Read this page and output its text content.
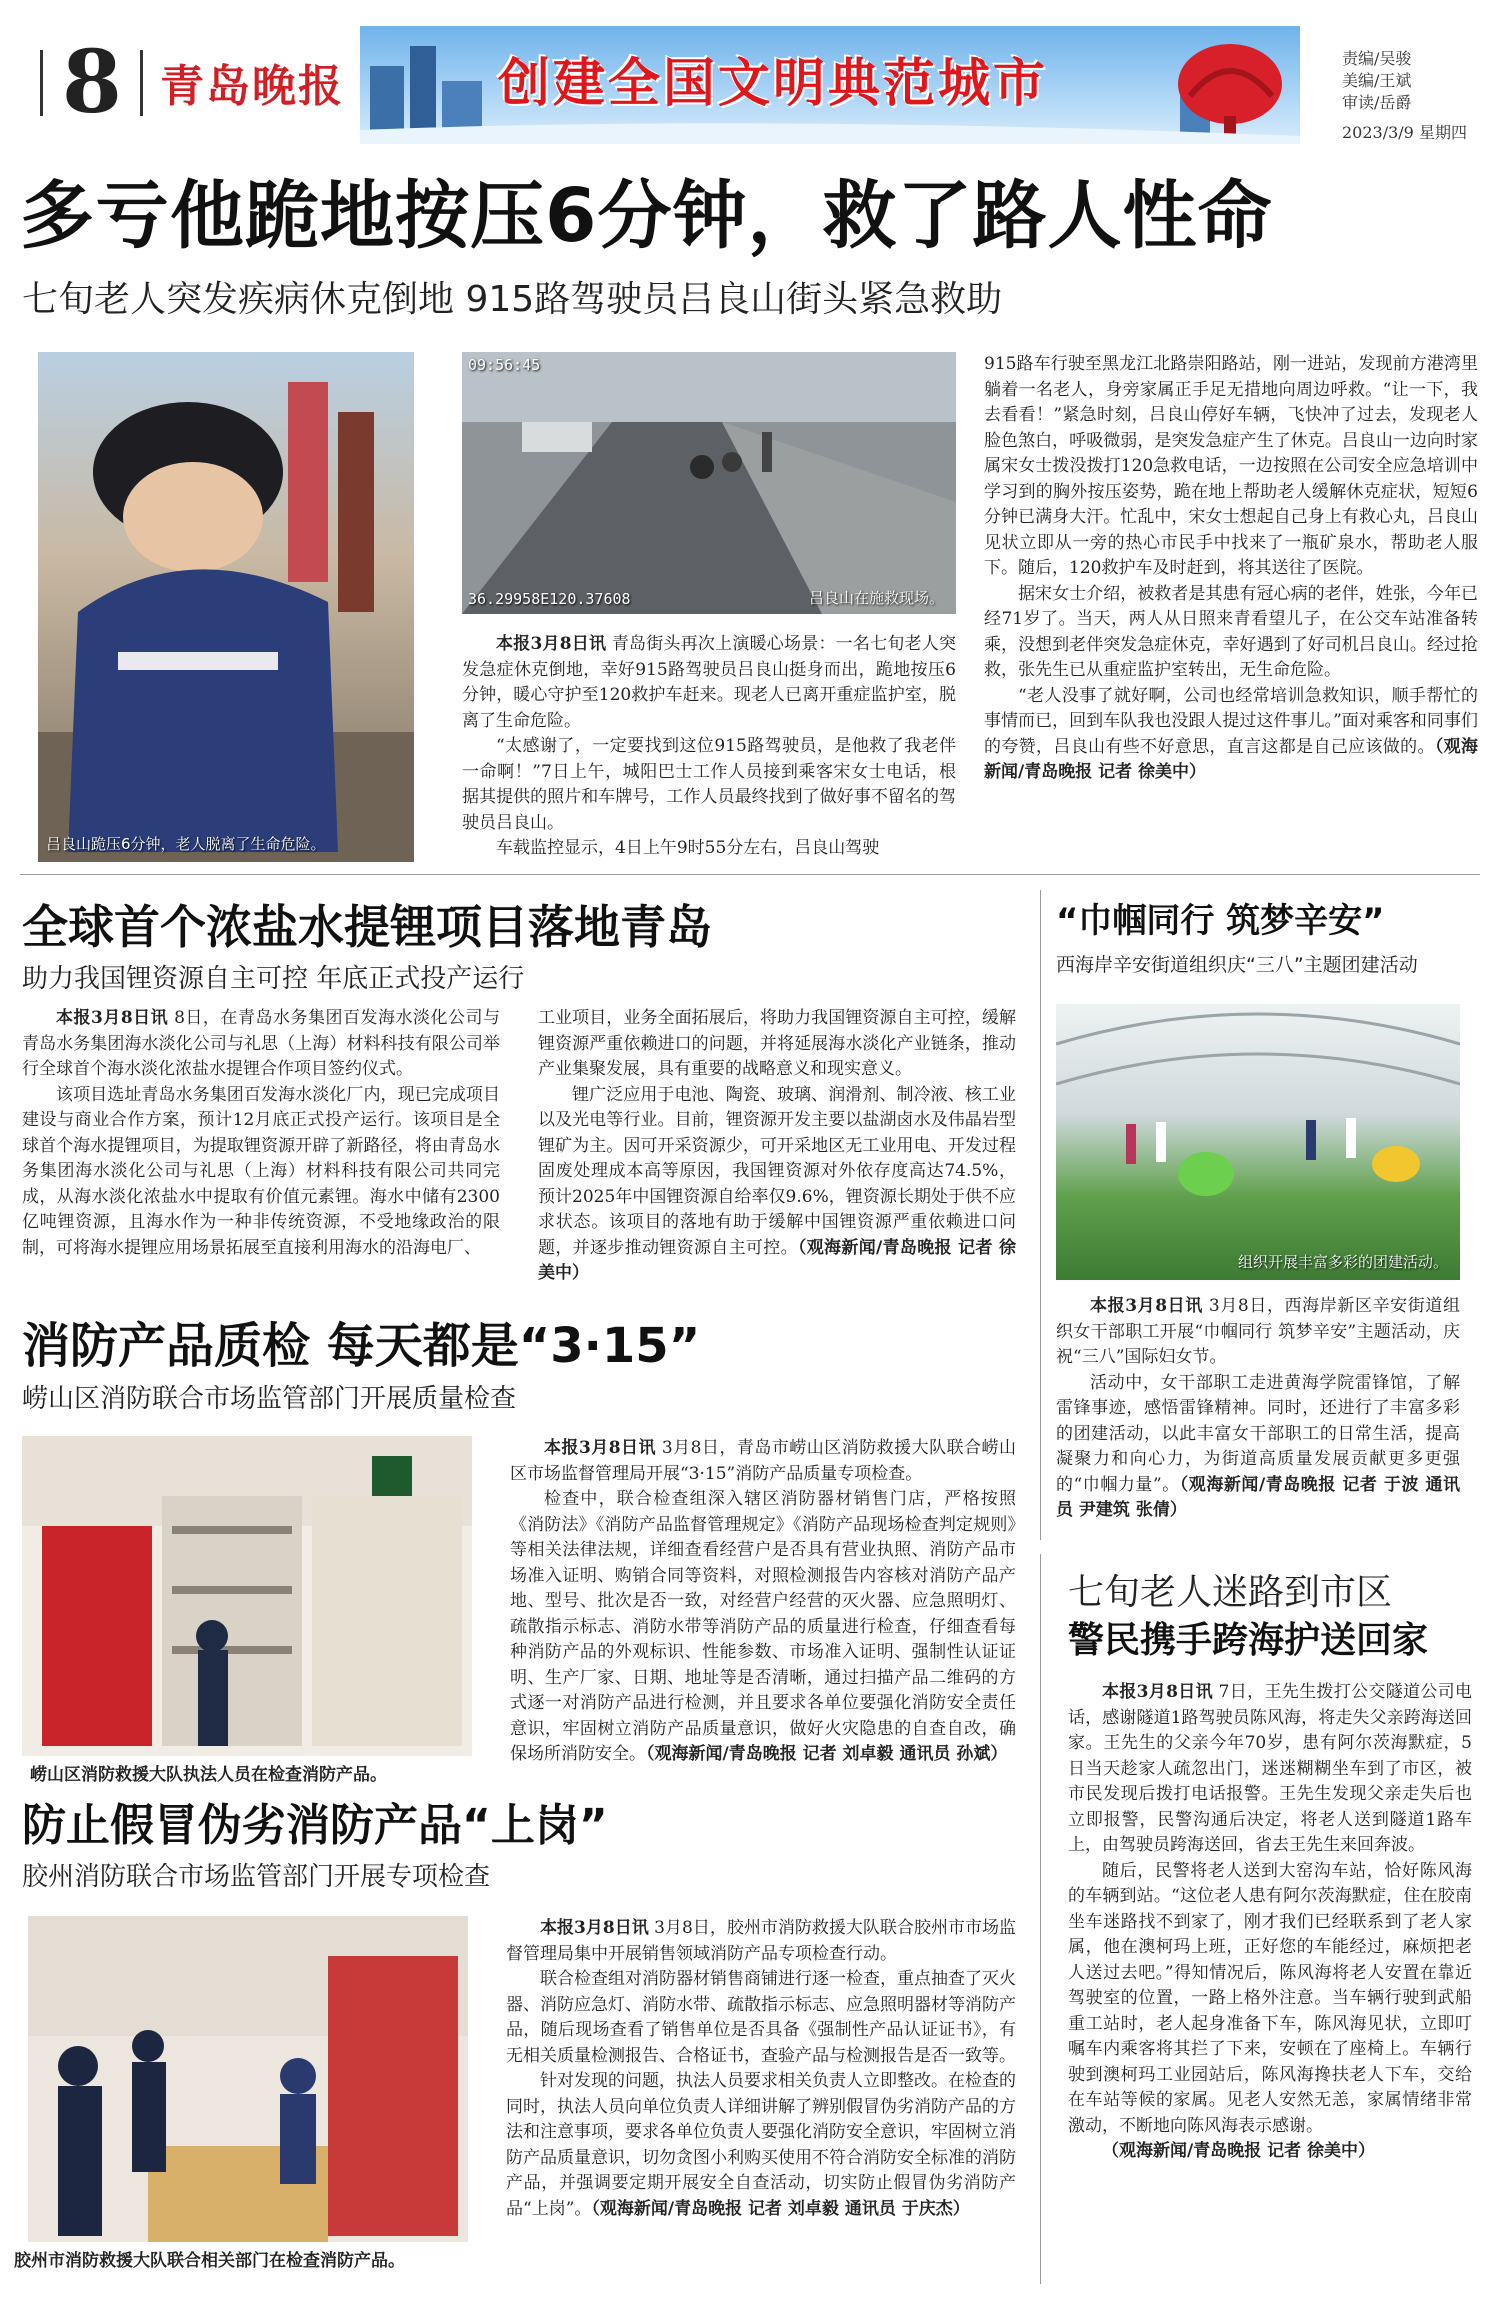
8 青岛晚报	创建全国文明典范城市	责编/吴骏
美编/王斌
审读/岳爵
2023/3/9 星期四
多亏他跪地按压6分钟，救了路人性命
七旬老人突发疾病休克倒地 915路驾驶员吕良山街头紧急救助
吕良山跪压6分钟，老人脱离了生命危险。
09:56:45
36.29958E120.37608	吕良山在施救现场。

本报3月8日讯 青岛街头再次上演暖心场景：一名七旬老人突发急症休克倒地，幸好915路驾驶员吕良山挺身而出，跪地按压6分钟，暖心守护至120救护车赶来。现老人已离开重症监护室，脱离了生命危险。

“太感谢了，一定要找到这位915路驾驶员，是他救了我老伴一命啊！”7日上午，城阳巴士工作人员接到乘客宋女士电话，根据其提供的照片和车牌号，工作人员最终找到了做好事不留名的驾驶员吕良山。

车载监控显示，4日上午9时55分左右，吕良山驾驶

915路车行驶至黑龙江北路崇阳路站，刚一进站，发现前方港湾里躺着一名老人，身旁家属正手足无措地向周边呼救。“让一下，我去看看！”紧急时刻，吕良山停好车辆，飞快冲了过去，发现老人脸色煞白，呼吸微弱，是突发急症产生了休克。吕良山一边向时家属宋女士拨没拨打120急救电话，一边按照在公司安全应急培训中学习到的胸外按压姿势，跪在地上帮助老人缓解休克症状，短短6分钟已满身大汗。忙乱中，宋女士想起自己身上有救心丸，吕良山见状立即从一旁的热心市民手中找来了一瓶矿泉水，帮助老人服下。随后，120救护车及时赶到，将其送往了医院。

据宋女士介绍，被救者是其患有冠心病的老伴，姓张，今年已经71岁了。当天，两人从日照来青看望儿子，在公交车站准备转乘，没想到老伴突发急症休克，幸好遇到了好司机吕良山。经过抢救，张先生已从重症监护室转出，无生命危险。

“老人没事了就好啊，公司也经常培训急救知识，顺手帮忙的事情而已，回到车队我也没跟人提过这件事儿。”面对乘客和同事们的夸赞，吕良山有些不好意思，直言这都是自己应该做的。（观海新闻/青岛晚报 记者 徐美中）

全球首个浓盐水提锂项目落地青岛
助力我国锂资源自主可控 年底正式投产运行

本报3月8日讯 8日，在青岛水务集团百发海水淡化公司与青岛水务集团海水淡化公司与礼思（上海）材料科技有限公司举行全球首个海水淡化浓盐水提锂合作项目签约仪式。

该项目选址青岛水务集团百发海水淡化厂内，现已完成项目建设与商业合作方案，预计12月底正式投产运行。该项目是全球首个海水提锂项目，为提取锂资源开辟了新路径，将由青岛水务集团海水淡化公司与礼思（上海）材料科技有限公司共同完成，从海水淡化浓盐水中提取有价值元素锂。海水中储有2300亿吨锂资源，且海水作为一种非传统资源，不受地缘政治的限制，可将海水提锂应用场景拓展至直接利用海水的沿海电厂、

工业项目，业务全面拓展后，将助力我国锂资源自主可控，缓解锂资源严重依赖进口的问题，并将延展海水淡化产业链条，推动产业集聚发展，具有重要的战略意义和现实意义。

锂广泛应用于电池、陶瓷、玻璃、润滑剂、制冷液、核工业以及光电等行业。目前，锂资源开发主要以盐湖卤水及伟晶岩型锂矿为主。因可开采资源少，可开采地区无工业用电、开发过程固废处理成本高等原因，我国锂资源对外依存度高达74.5%，预计2025年中国锂资源自给率仅9.6%，锂资源长期处于供不应求状态。该项目的落地有助于缓解中国锂资源严重依赖进口问题，并逐步推动锂资源自主可控。（观海新闻/青岛晚报 记者 徐美中）

“巾帼同行 筑梦辛安”
西海岸辛安街道组织庆“三八”主题团建活动
组织开展丰富多彩的团建活动。

本报3月8日讯 3月8日，西海岸新区辛安街道组织女干部职工开展“巾帼同行 筑梦辛安”主题活动，庆祝“三八”国际妇女节。

活动中，女干部职工走进黄海学院雷锋馆，了解雷锋事迹，感悟雷锋精神。同时，还进行了丰富多彩的团建活动，以此丰富女干部职工的日常生活，提高凝聚力和向心力，为街道高质量发展贡献更多更强的“巾帼力量”。（观海新闻/青岛晚报 记者 于波 通讯员 尹建筑 张倩）

消防产品质检 每天都是“3·15”
崂山区消防联合市场监管部门开展质量检查
崂山区消防救援大队执法人员在检查消防产品。

本报3月8日讯 3月8日，青岛市崂山区消防救援大队联合崂山区市场监督管理局开展“3·15”消防产品质量专项检查。

检查中，联合检查组深入辖区消防器材销售门店，严格按照《消防法》《消防产品监督管理规定》《消防产品现场检查判定规则》等相关法律法规，详细查看经营户是否具有营业执照、消防产品市场准入证明、购销合同等资料，对照检测报告内容核对消防产品产地、型号、批次是否一致，对经营户经营的灭火器、应急照明灯、疏散指示标志、消防水带等消防产品的质量进行检查，仔细查看每种消防产品的外观标识、性能参数、市场准入证明、强制性认证证明、生产厂家、日期、地址等是否清晰，通过扫描产品二维码的方式逐一对消防产品进行检测，并且要求各单位要强化消防安全责任意识，牢固树立消防产品质量意识，做好火灾隐患的自查自改，确保场所消防安全。（观海新闻/青岛晚报 记者 刘卓毅 通讯员 孙斌）

防止假冒伪劣消防产品“上岗”
胶州消防联合市场监管部门开展专项检查
胶州市消防救援大队联合相关部门在检查消防产品。

本报3月8日讯 3月8日，胶州市消防救援大队联合胶州市市场监督管理局集中开展销售领域消防产品专项检查行动。

联合检查组对消防器材销售商铺进行逐一检查，重点抽查了灭火器、消防应急灯、消防水带、疏散指示标志、应急照明器材等消防产品，随后现场查看了销售单位是否具备《强制性产品认证证书》，有无相关质量检测报告、合格证书，查验产品与检测报告是否一致等。

针对发现的问题，执法人员要求相关负责人立即整改。在检查的同时，执法人员向单位负责人详细讲解了辨别假冒伪劣消防产品的方法和注意事项，要求各单位负责人要强化消防安全意识，牢固树立消防产品质量意识，切勿贪图小利购买使用不符合消防安全标准的消防产品，并强调要定期开展安全自查活动，切实防止假冒伪劣消防产品“上岗”。（观海新闻/青岛晚报 记者 刘卓毅 通讯员 于庆杰）

七旬老人迷路到市区
警民携手跨海护送回家

本报3月8日讯 7日，王先生拨打公交隧道公司电话，感谢隧道1路驾驶员陈风海，将走失父亲跨海送回家。王先生的父亲今年70岁，患有阿尔茨海默症，5日当天趁家人疏忽出门，迷迷糊糊坐车到了市区，被市民发现后拨打电话报警。王先生发现父亲走失后也立即报警，民警沟通后决定，将老人送到隧道1路车上，由驾驶员跨海送回，省去王先生来回奔波。

随后，民警将老人送到大窑沟车站，恰好陈风海的车辆到站。“这位老人患有阿尔茨海默症，住在胶南坐车迷路找不到家了，刚才我们已经联系到了老人家属，他在澳柯玛上班，正好您的车能经过，麻烦把老人送过去吧。”得知情况后，陈风海将老人安置在靠近驾驶室的位置，一路上格外注意。当车辆行驶到武船重工站时，老人起身准备下车，陈风海见状，立即叮嘱车内乘客将其拦了下来，安顿在了座椅上。车辆行驶到澳柯玛工业园站后，陈风海搀扶老人下车，交给在车站等候的家属。见老人安然无恙，家属情绪非常激动，不断地向陈风海表示感谢。

（观海新闻/青岛晚报 记者 徐美中）
